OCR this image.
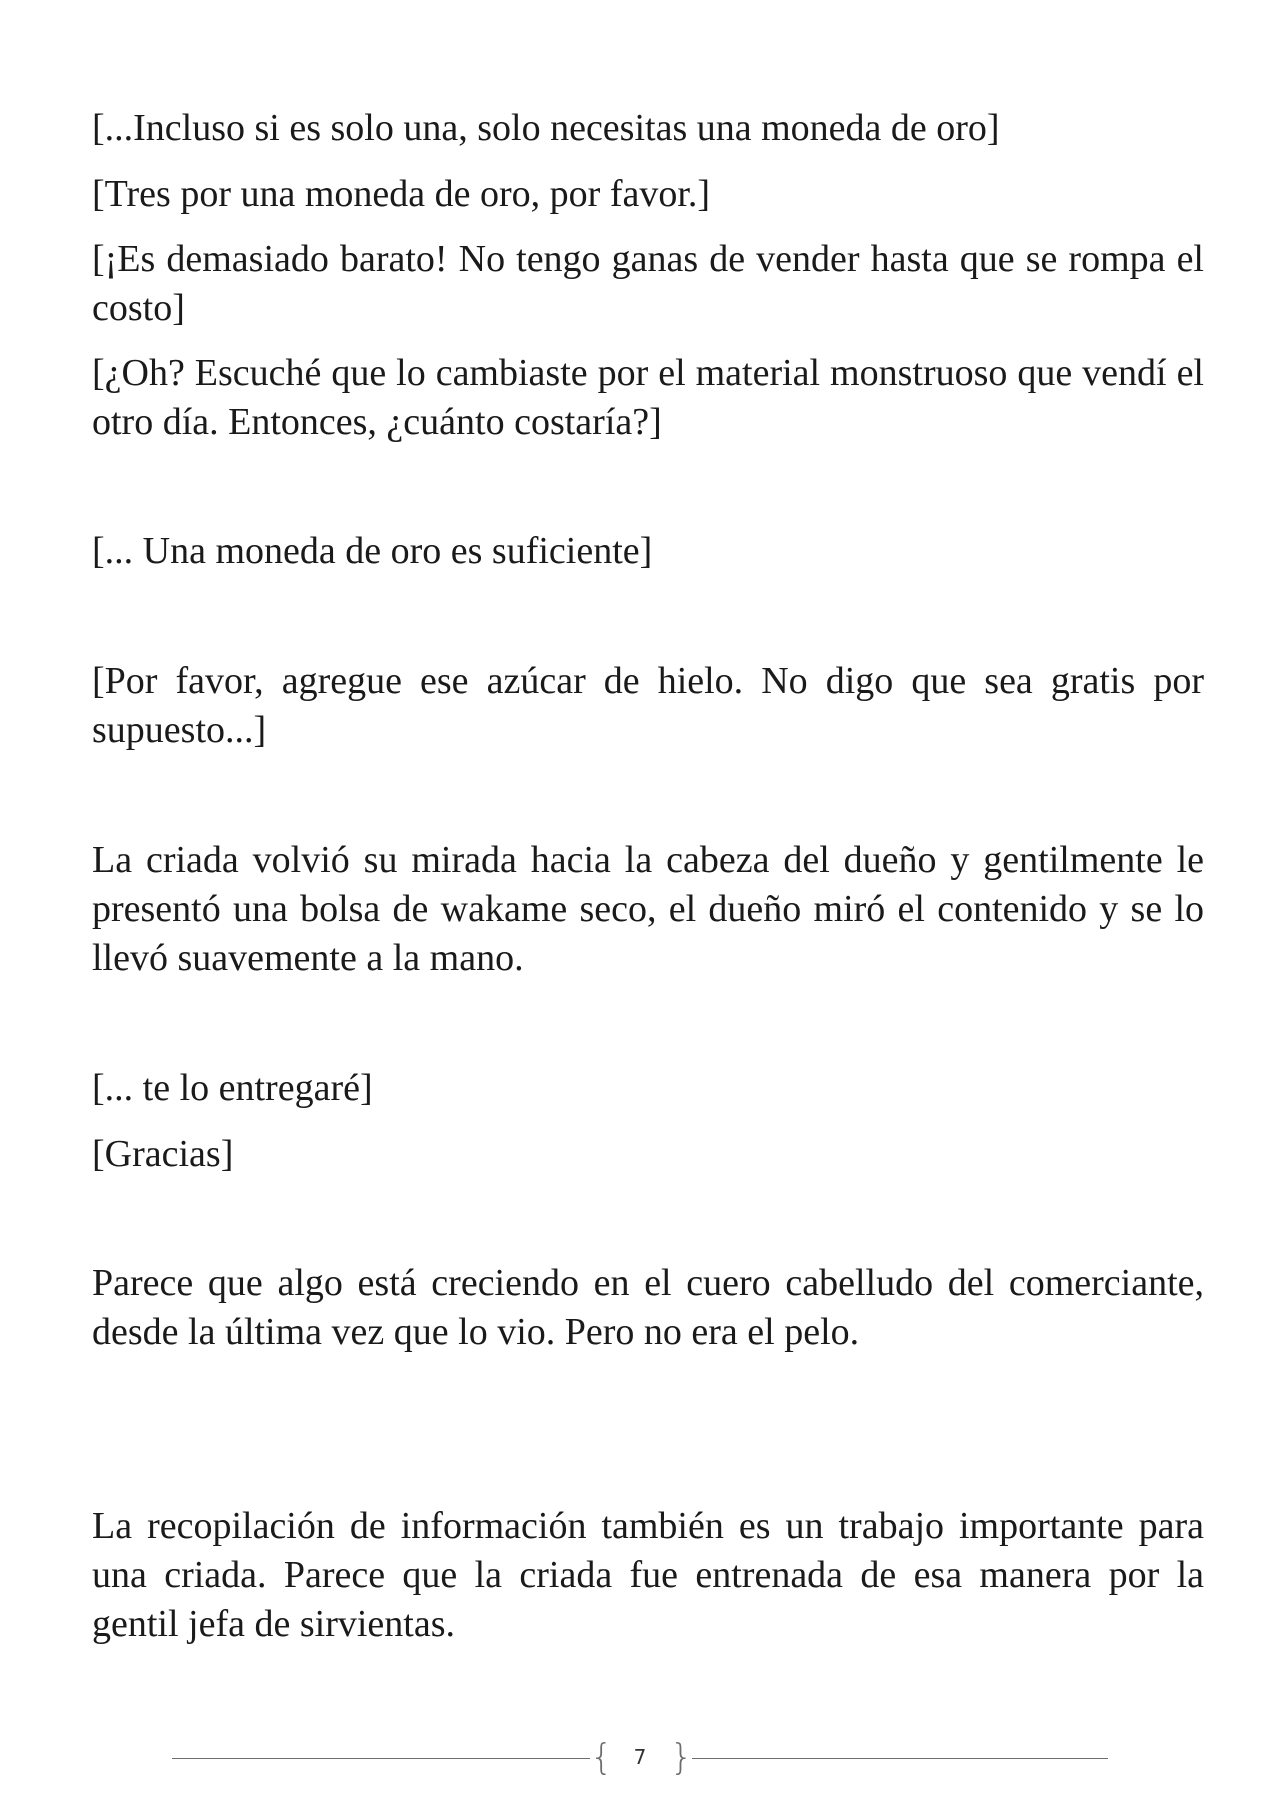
[...Incluso si es solo una, solo necesitas una moneda de oro]

[Tres por una moneda de oro, por favor.]

[¡Es demasiado barato! No tengo ganas de vender hasta que se rompa el costo]

[¿Oh? Escuché que lo cambiaste por el material monstruoso que vendí el otro día. Entonces, ¿cuánto costaría?]

[... Una moneda de oro es suficiente]

[Por favor, agregue ese azúcar de hielo. No digo que sea gratis por supuesto...]

La criada volvió su mirada hacia la cabeza del dueño y gentilmente le presentó una bolsa de wakame seco, el dueño miró el contenido y se lo llevó suavemente a la mano.

[... te lo entregaré]

[Gracias]

Parece que algo está creciendo en el cuero cabelludo del comerciante, desde la última vez que lo vio. Pero no era el pelo.

La recopilación de información también es un trabajo importante para una criada. Parece que la criada fue entrenada de esa manera por la gentil jefa de sirvientas.

{	7 }
